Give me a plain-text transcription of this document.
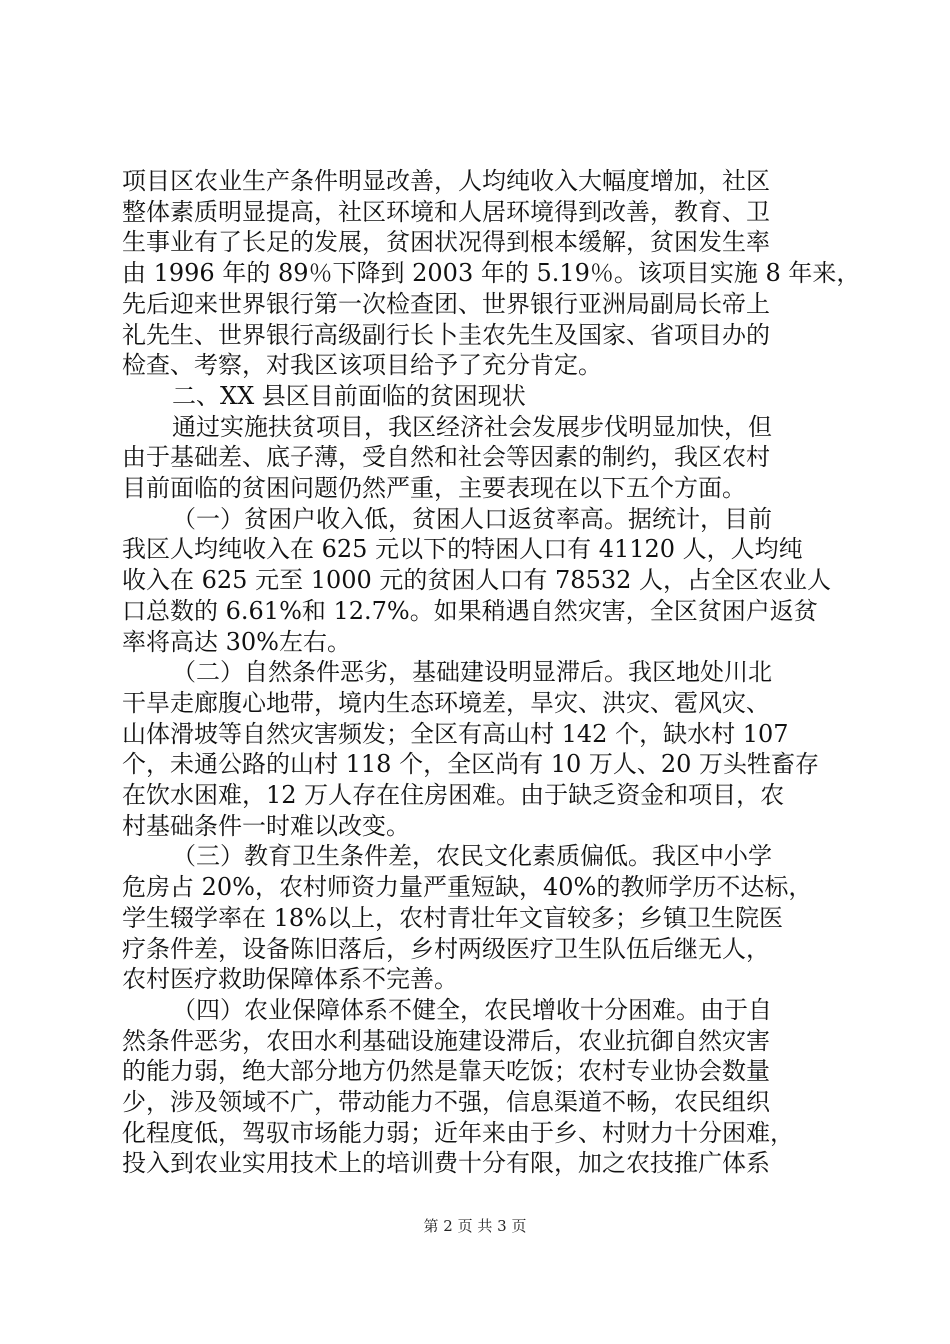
项目区农业生产条件明显改善，人均纯收入大幅度增加，社区
整体素质明显提高，社区环境和人居环境得到改善，教育、卫
生事业有了长足的发展，贫困状况得到根本缓解，贫困发生率
由 1996 年的 89％下降到 2003 年的 5.19％。该项目实施 8 年来，
先后迎来世界银行第一次检查团、世界银行亚洲局副局长帝上
礼先生、世界银行高级副行长卜圭农先生及国家、省项目办的
检查、考察，对我区该项目给予了充分肯定。
二、XX 县区目前面临的贫困现状
通过实施扶贫项目，我区经济社会发展步伐明显加快，但
由于基础差、底子薄，受自然和社会等因素的制约，我区农村
目前面临的贫困问题仍然严重，主要表现在以下五个方面。
（一）贫困户收入低，贫困人口返贫率高。据统计，目前
我区人均纯收入在 625 元以下的特困人口有 41120 人，人均纯
收入在 625 元至 1000 元的贫困人口有 78532 人，占全区农业人
口总数的 6.61%和 12.7%。如果稍遇自然灾害，全区贫困户返贫
率将高达 30%左右。
（二）自然条件恶劣，基础建设明显滞后。我区地处川北
干旱走廊腹心地带，境内生态环境差，旱灾、洪灾、雹风灾、
山体滑坡等自然灾害频发；全区有高山村 142 个，缺水村 107
个，未通公路的山村 118 个，全区尚有 10 万人、20 万头牲畜存
在饮水困难，12 万人存在住房困难。由于缺乏资金和项目，农
村基础条件一时难以改变。
（三）教育卫生条件差，农民文化素质偏低。我区中小学
危房占 20%，农村师资力量严重短缺，40%的教师学历不达标，
学生辍学率在 18%以上，农村青壮年文盲较多；乡镇卫生院医
疗条件差，设备陈旧落后，乡村两级医疗卫生队伍后继无人，
农村医疗救助保障体系不完善。
（四）农业保障体系不健全，农民增收十分困难。由于自
然条件恶劣，农田水利基础设施建设滞后，农业抗御自然灾害
的能力弱，绝大部分地方仍然是靠天吃饭；农村专业协会数量
少，涉及领域不广，带动能力不强，信息渠道不畅，农民组织
化程度低，驾驭市场能力弱；近年来由于乡、村财力十分困难，
投入到农业实用技术上的培训费十分有限，加之农技推广体系
第 2 页 共 3 页
